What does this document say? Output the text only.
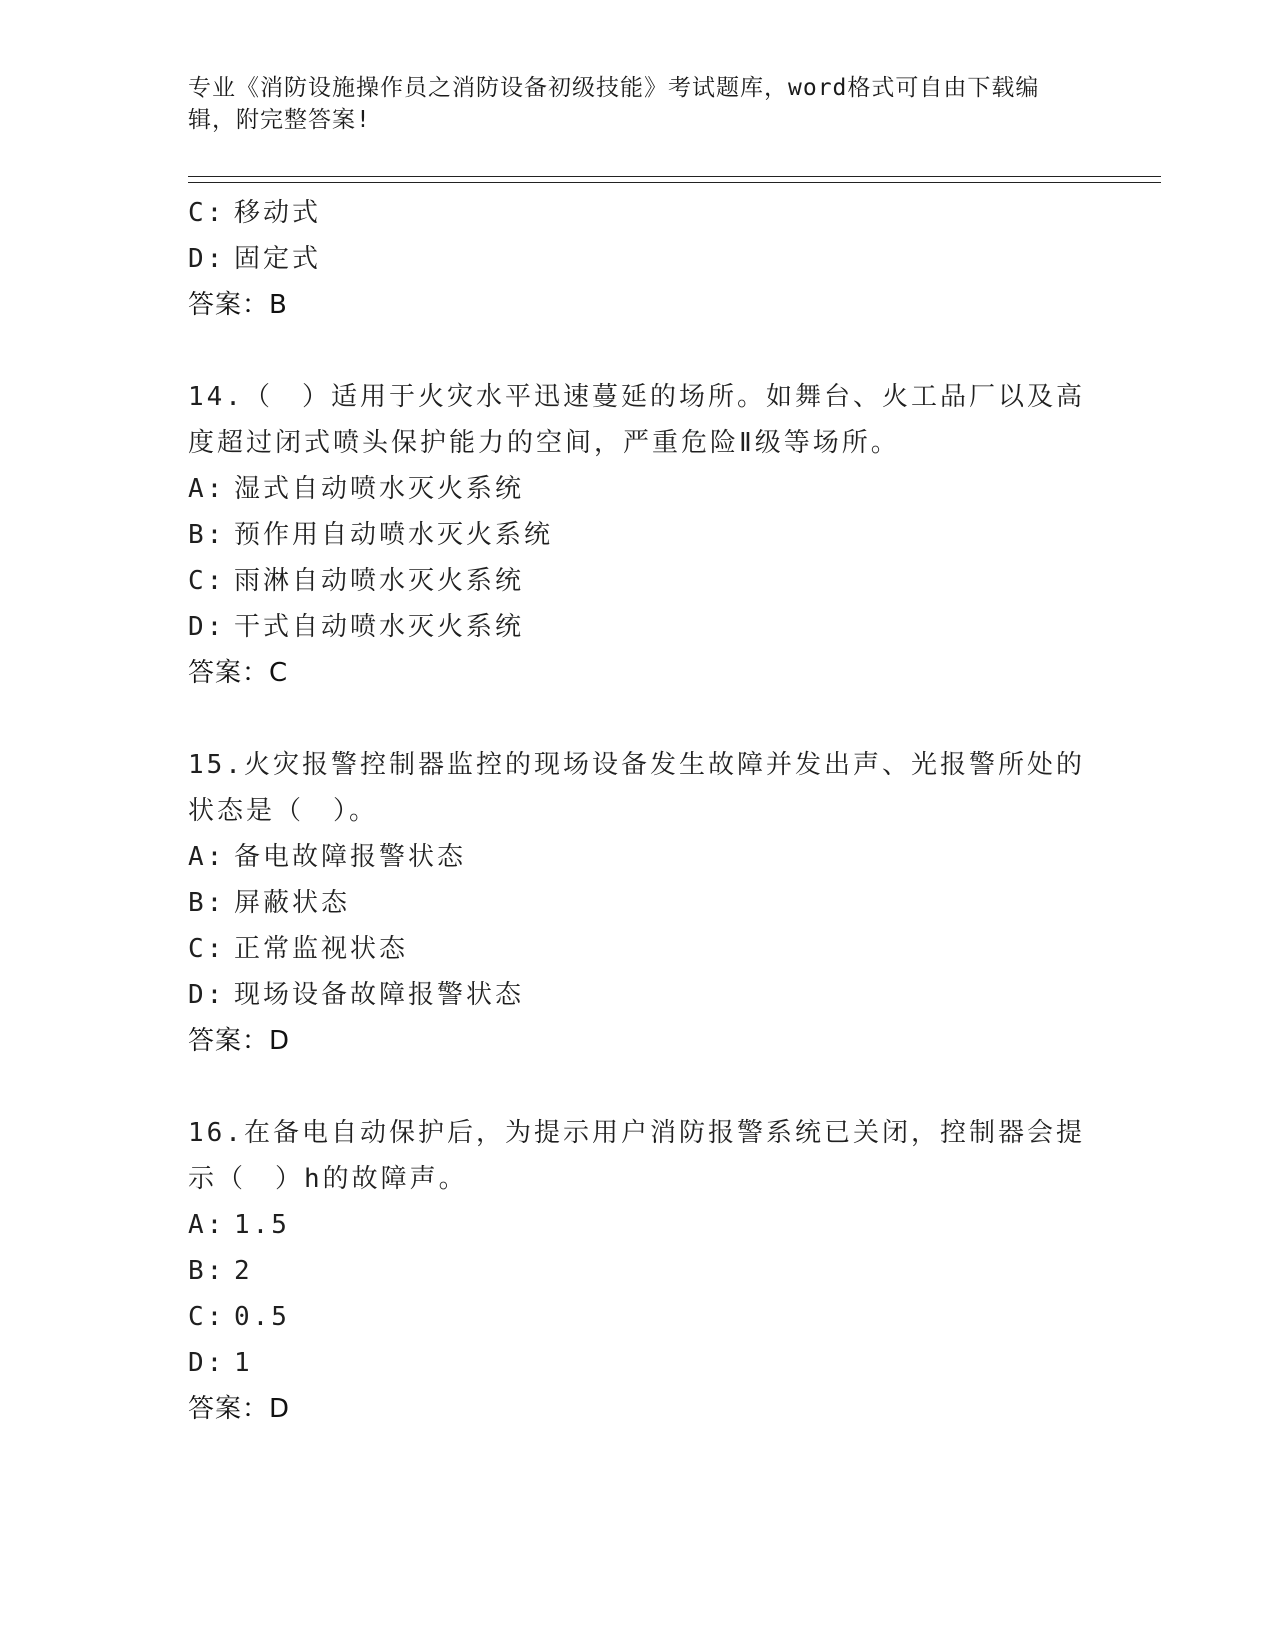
专业《消防设施操作员之消防设备初级技能》考试题库，word格式可自由下载编辑，附完整答案!
C: 移动式
D: 固定式
答案：B
14.（　）适用于火灾水平迅速蔓延的场所。如舞台、火工品厂以及高度超过闭式喷头保护能力的空间，严重危险Ⅱ级等场所。
A: 湿式自动喷水灭火系统
B: 预作用自动喷水灭火系统
C: 雨淋自动喷水灭火系统
D: 干式自动喷水灭火系统
答案：C
15.火灾报警控制器监控的现场设备发生故障并发出声、光报警所处的状态是（　）。
A: 备电故障报警状态
B: 屏蔽状态
C: 正常监视状态
D: 现场设备故障报警状态
答案：D
16.在备电自动保护后，为提示用户消防报警系统已关闭，控制器会提示（　）h的故障声。
A: 1.5
B: 2
C: 0.5
D: 1
答案：D
